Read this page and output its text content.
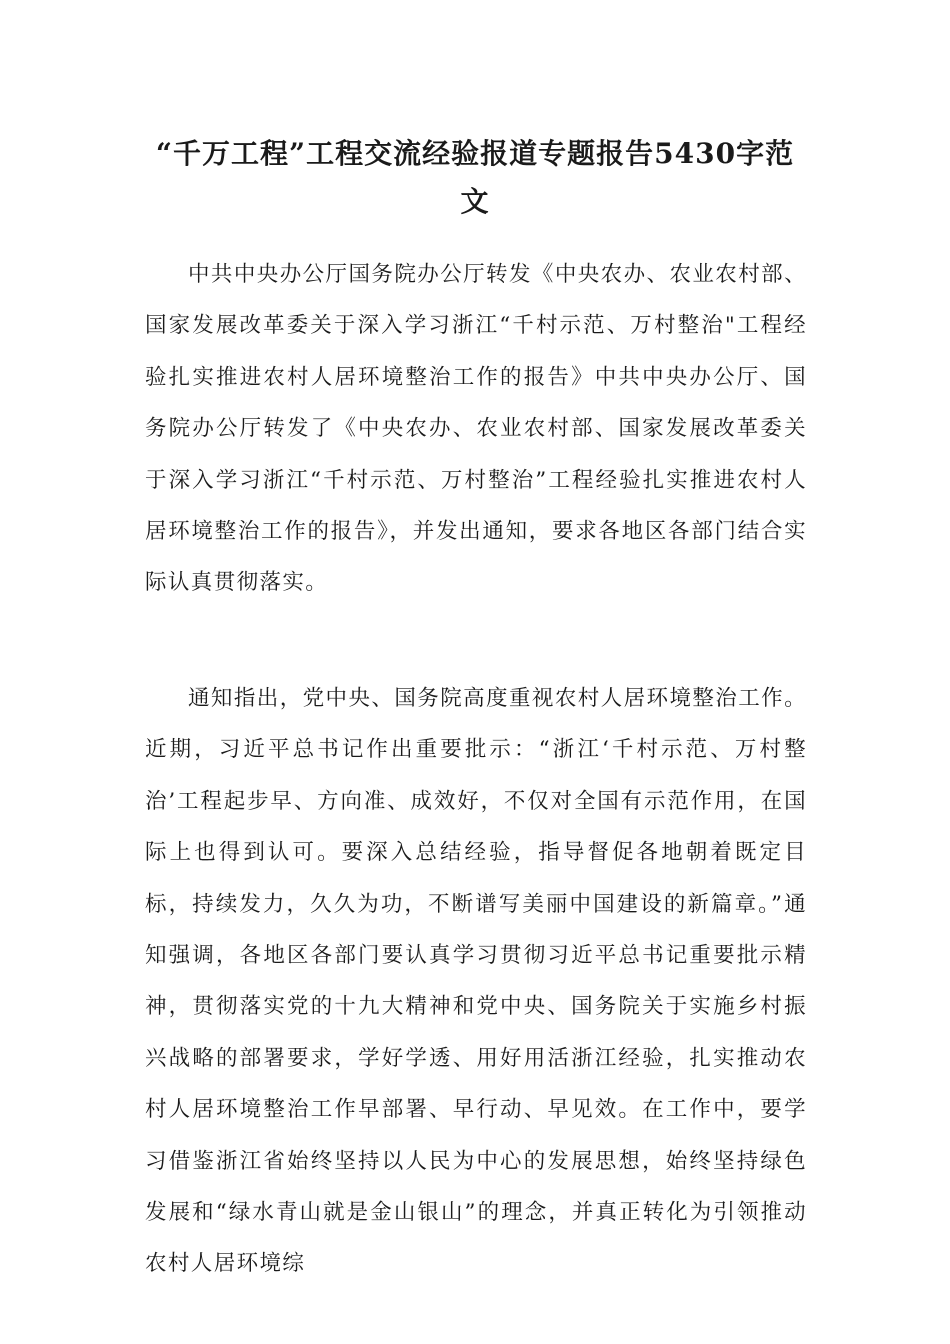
“千万工程”工程交流经验报道专题报告5430字范文

中共中央办公厅国务院办公厅转发《中央农办、农业农村部、国家发展改革委关于深入学习浙江“千村示范、万村整治"工程经验扎实推进农村人居环境整治工作的报告》中共中央办公厅、国务院办公厅转发了《中央农办、农业农村部、国家发展改革委关于深入学习浙江“千村示范、万村整治”工程经验扎实推进农村人居环境整治工作的报告》，并发出通知，要求各地区各部门结合实际认真贯彻落实。

通知指出，党中央、国务院高度重视农村人居环境整治工作。近期，习近平总书记作出重要批示：“浙江‘千村示范、万村整治’工程起步早、方向准、成效好，不仅对全国有示范作用，在国际上也得到认可。要深入总结经验，指导督促各地朝着既定目标，持续发力，久久为功，不断谱写美丽中国建设的新篇章。”通知强调，各地区各部门要认真学习贯彻习近平总书记重要批示精神，贯彻落实党的十九大精神和党中央、国务院关于实施乡村振兴战略的部署要求，学好学透、用好用活浙江经验，扎实推动农村人居环境整治工作早部署、早行动、早见效。在工作中，要学习借鉴浙江省始终坚持以人民为中心的发展思想，始终坚持绿色发展和“绿水青山就是金山银山”的理念，并真正转化为引领推动农村人居环境综
